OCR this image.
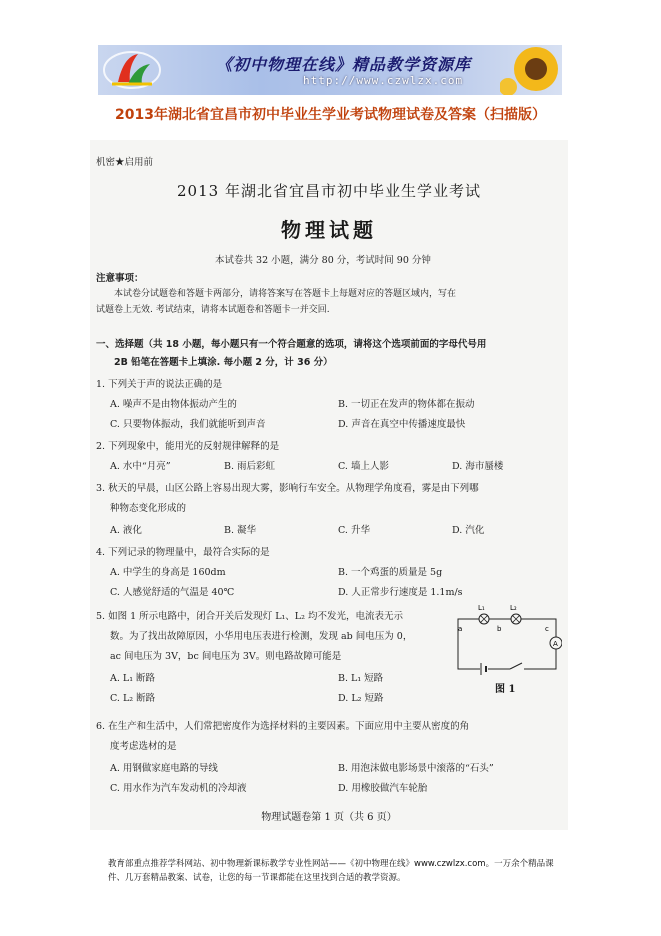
《初中物理在线》精品教学资源库
http://www.czwlzx.com
2013年湖北省宜昌市初中毕业生学业考试物理试卷及答案（扫描版）
机密★启用前
2013 年湖北省宜昌市初中毕业生学业考试
物理试题
本试卷共 32 小题，满分 80 分，考试时间 90 分钟
注意事项：
本试卷分试题卷和答题卡两部分，请将答案写在答题卡上每题对应的答题区域内，写在
试题卷上无效. 考试结束，请将本试题卷和答题卡一并交回.
一、选择题（共 18 小题，每小题只有一个符合题意的选项，请将这个选项前面的字母代号用
2B 铅笔在答题卡上填涂. 每小题 2 分，计 36 分）
1. 下列关于声的说法正确的是
A. 噪声不是由物体振动产生的	B. 一切正在发声的物体都在振动
C. 只要物体振动，我们就能听到声音	D. 声音在真空中传播速度最快
2. 下列现象中，能用光的反射规律解释的是
A. 水中“月亮”	B. 雨后彩虹	C. 墙上人影	D. 海市蜃楼
3. 秋天的早晨，山区公路上容易出现大雾，影响行车安全。从物理学角度看，雾是由下列哪
种物态变化形成的
A. 液化	B. 凝华	C. 升华	D. 汽化
4. 下列记录的物理量中，最符合实际的是
A. 中学生的身高是 160dm	B. 一个鸡蛋的质量是 5g
C. 人感觉舒适的气温是 40℃	D. 人正常步行速度是 1.1m/s
5. 如图 1 所示电路中，闭合开关后发现灯 L₁、L₂ 均不发光，电流表无示
数。为了找出故障原因，小华用电压表进行检测，发现 ab 间电压为 0，
ac 间电压为 3V，bc 间电压为 3V。则电路故障可能是
A. L₁ 断路	B. L₁ 短路
C. L₂ 断路	D. L₂ 短路
L₁	L₂
a	b	c
A
图 1
6. 在生产和生活中，人们常把密度作为选择材料的主要因素。下面应用中主要从密度的角
度考虑选材的是
A. 用钢做家庭电路的导线	B. 用泡沫做电影场景中滚落的“石头”
C. 用水作为汽车发动机的冷却液	D. 用橡胶做汽车轮胎
物理试题卷第 1 页（共 6 页）
教育部重点推荐学科网站、初中物理新课标教学专业性网站——《初中物理在线》www.czwlzx.com。一万余个精品课
件、几万套精品教案、试卷，让您的每一节课都能在这里找到合适的教学资源。
